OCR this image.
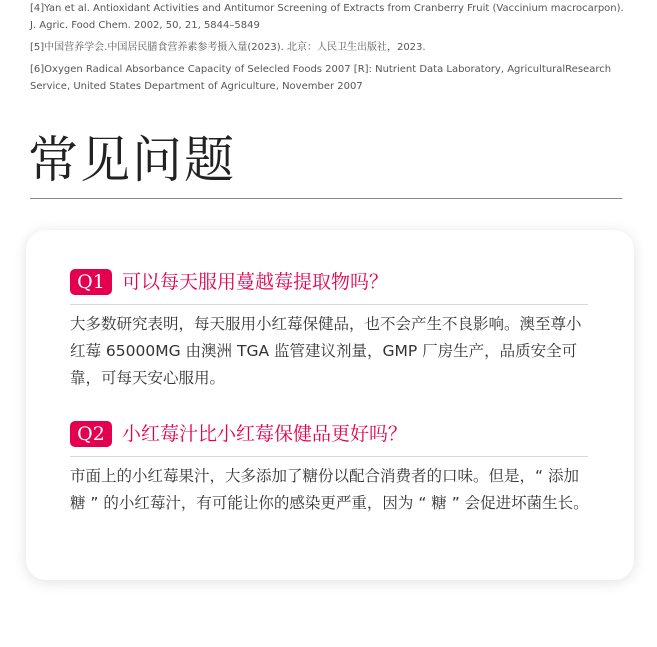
[4]Yan et al. Antioxidant Activities and Antitumor Screening of Extracts from Cranberry Fruit (Vaccinium macrocarpon). J. Agric. Food Chem. 2002, 50, 21, 5844–5849

[5]中国营养学会.中国居民膳食营养素参考摄入量(2023). 北京：人民卫生出版社，2023.

[6]Oxygen Radical Absorbance Capacity of Selecled Foods 2007 [R]: Nutrient Data Laboratory, AgriculturalResearch Service, United States Department of Agriculture, November 2007

常见问题
Q1 可以每天服用蔓越莓提取物吗？
大多数研究表明，每天服用小红莓保健品，也不会产生不良影响。澳至尊小红莓 65000MG 由澳洲 TGA 监管建议剂量，GMP 厂房生产，品质安全可靠，可每天安心服用。
Q2 小红莓汁比小红莓保健品更好吗？
市面上的小红莓果汁，大多添加了糖份以配合消费者的口味。但是，“ 添加糖 ” 的小红莓汁，有可能让你的感染更严重，因为 “ 糖 ” 会促进坏菌生长。
